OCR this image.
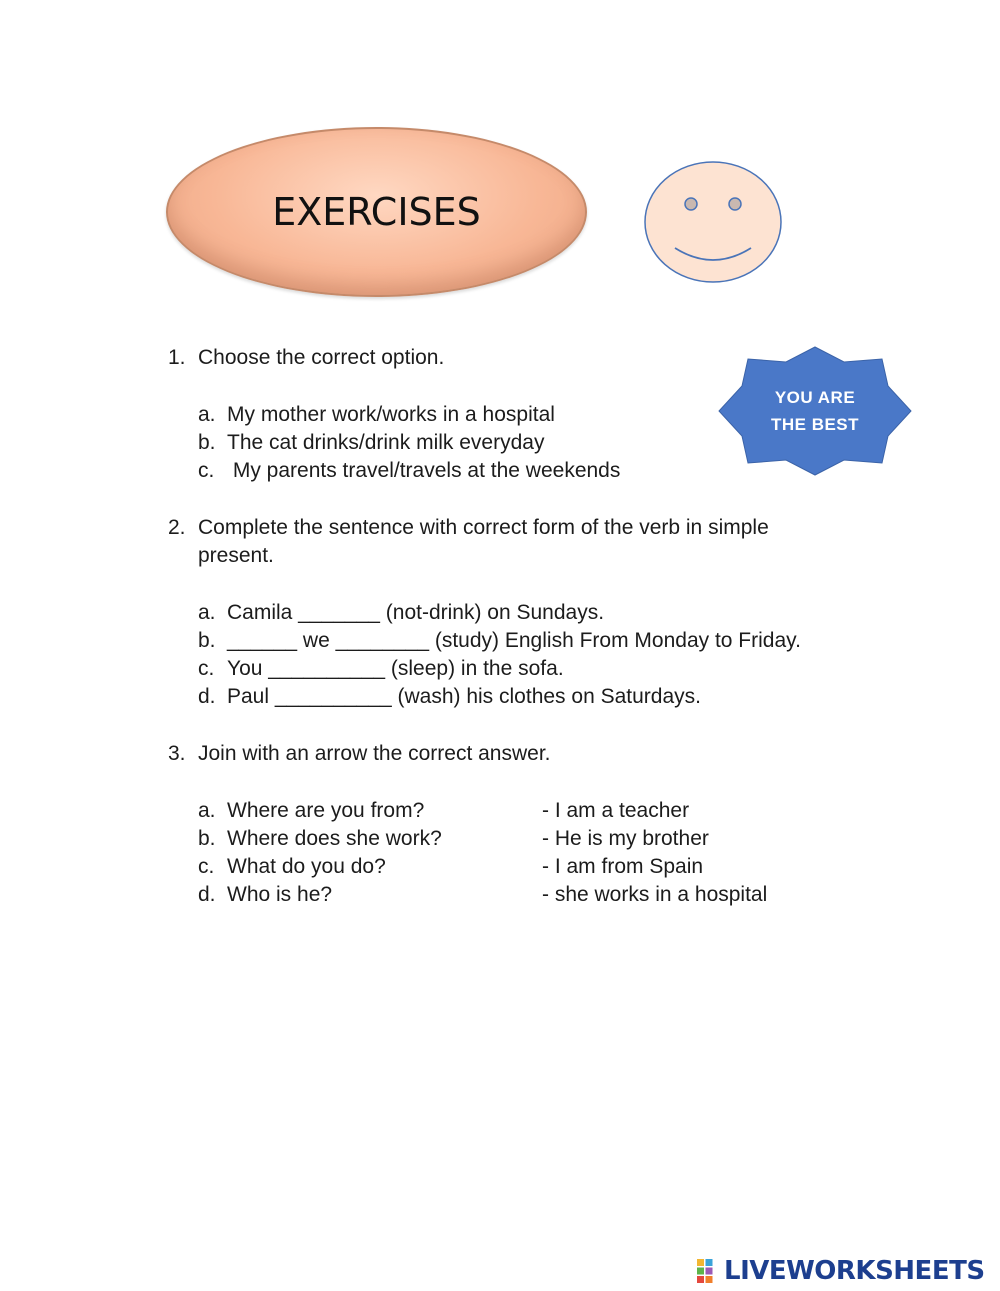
EXERCISES
YOU ARE
THE BEST

1.

Choose the correct option.

a.

My mother work/works in a hospital

b.

The cat drinks/drink milk everyday

c.

My parents travel/travels at the weekends

2.

Complete the sentence with correct form of the verb in simple

present.

a.

Camila _______ (not-drink) on Sundays.

b.

______ we ________ (study) English From Monday to Friday.

c.

You __________ (sleep) in the sofa.

d.

Paul __________ (wash) his clothes on Saturdays.

3.

Join with an arrow the correct answer.

a.

Where are you from?

	- I am a teacher

b.

Where does she work?

	- He is my brother

c.

What do you do?

	- I am from Spain

d.

Who is he?

	- she works in a hospital

LIVEWORKSHEETS
